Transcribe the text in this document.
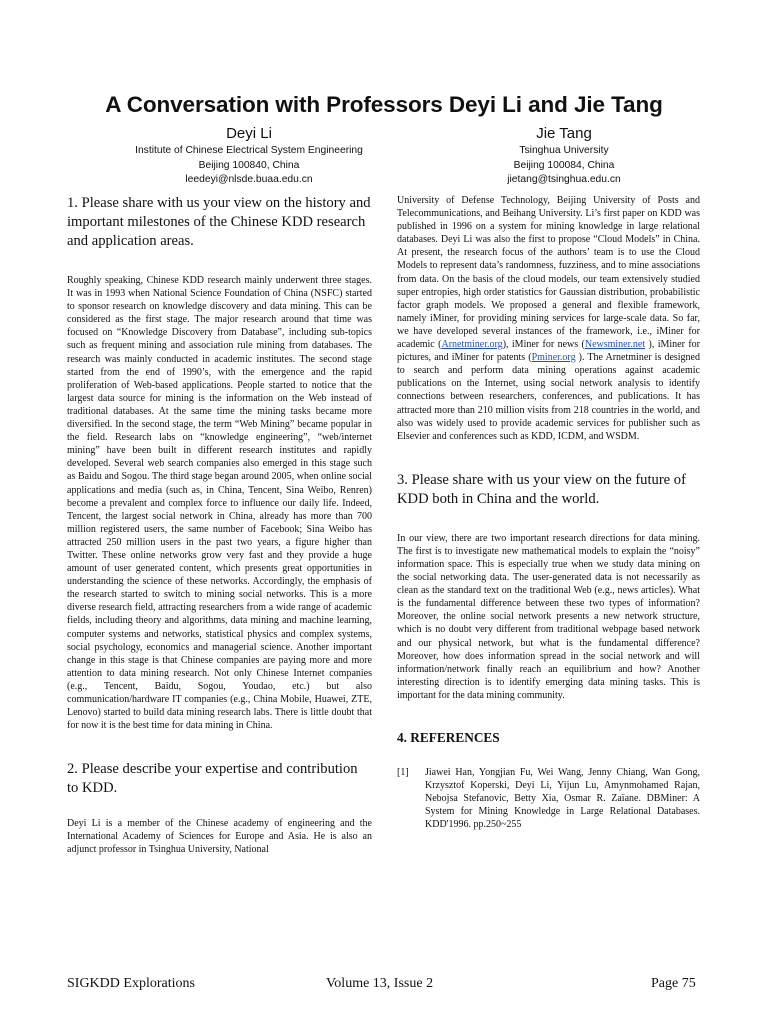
A Conversation with Professors Deyi Li and Jie Tang
Deyi Li
Institute of Chinese Electrical System Engineering
Beijing 100840, China
leedeyi@nlsde.buaa.edu.cn
Jie Tang
Tsinghua University
Beijing 100084, China
jietang@tsinghua.edu.cn

1. Please share with us your view on the history and important milestones of the Chinese KDD research and application areas.

Roughly speaking, Chinese KDD research mainly underwent three stages. It was in 1993 when National Science Foundation of China (NSFC) started to sponsor research on knowledge discovery and data mining. This can be considered as the first stage. The major research around that time was focused on “Knowledge Discovery from Database”, including sub-topics such as frequent mining and association rule mining from databases. The research was mainly conducted in academic institutes. The second stage started from the end of 1990’s, with the emergence and the rapid proliferation of Web-based applications. People started to notice that the largest data source for mining is the information on the Web instead of traditional databases. At the same time the mining tasks became more diversified. In the second stage, the term “Web Mining” became popular in the field. Research labs on “knowledge engineering”, “web/internet mining” have been built in different research institutes and rapidly developed. Several web search companies also emerged in this stage such as Baidu and Sogou. The third stage began around 2005, when online social applications and media (such as, in China, Tencent, Sina Weibo, Renren) become a prevalent and complex force to influence our daily life. Indeed, Tencent, the largest social network in China, already has more than 700 million registered users, the same number of Facebook; Sina Weibo has attracted 250 million users in the past two years, a figure higher than Twitter. These online networks grow very fast and they provide a huge amount of user generated content, which presents great opportunities in understanding the science of these networks. Accordingly, the emphasis of the research started to switch to mining social networks. This is a more diverse research field, attracting researchers from a wide range of academic fields, including theory and algorithms, data mining and machine learning, computer systems and networks, statistical physics and complex systems, social psychology, economics and managerial science. Another important change in this stage is that Chinese companies are paying more and more attention to data mining research. Not only Chinese Internet companies (e.g., Tencent, Baidu, Sogou, Youdao, etc.) but also communication/hardware IT companies (e.g., China Mobile, Huawei, ZTE, Lenovo) started to build data mining research labs. There is little doubt that for now it is the best time for data mining in China.

2. Please describe your expertise and contribution to KDD.

Deyi Li is a member of the Chinese academy of engineering and the International Academy of Sciences for Europe and Asia. He is also an adjunct professor in Tsinghua University, National

University of Defense Technology, Beijing University of Posts and Telecommunications, and Beihang University. Li’s first paper on KDD was published in 1996 on a system for mining knowledge in large relational databases. Deyi Li was also the first to propose “Cloud Models” in China. At present, the research focus of the authors’ team is to use the Cloud Models to represent data’s randomness, fuzziness, and to mine associations from data. On the basis of the cloud models, our team extensively studied super entropies, high order statistics for Gaussian distribution, probabilistic factor graph models. We proposed a general and flexible framework, namely iMiner, for providing mining services for large-scale data. So far, we have developed several instances of the framework, i.e., iMiner for academic (Arnetminer.org), iMiner for news (Newsminer.net ), iMiner for pictures, and iMiner for patents (Pminer.org ). The Arnetminer is designed to search and perform data mining operations against academic publications on the Internet, using social network analysis to identify connections between researchers, conferences, and publications. It has attracted more than 210 million visits from 218 countries in the world, and also was widely used to provide academic services for publisher such as Elsevier and conferences such as KDD, ICDM, and WSDM.

3. Please share with us your view on the future of KDD both in China and the world.

In our view, there are two important research directions for data mining. The first is to investigate new mathematical models to explain the “noisy” information space. This is especially true when we study data mining on the social networking data. The user-generated data is not necessarily as clean as the standard text on the traditional Web (e.g., news articles). What is the fundamental difference between these two types of information? Moreover, the online social network presents a new network structure, which is no doubt very different from traditional webpage based network and our physical network, but what is the fundamental difference? Moreover, how does information spread in the social network and will information/network finally reach an equilibrium and how? Another interesting direction is to identify emerging data mining tasks. This is important for the data mining community.

4. REFERENCES

[1]	Jiawei Han, Yongjian Fu, Wei Wang, Jenny Chiang, Wan Gong, Krzysztof Koperski, Deyi Li, Yijun Lu, Amynmohamed Rajan, Nebojsa Stefanovic, Betty Xia, Osmar R. Zaïane. DBMiner: A System for Mining Knowledge in Large Relational Databases. KDD'1996. pp.250~255
SIGKDD Explorations	Volume 13, Issue 2	Page 75
